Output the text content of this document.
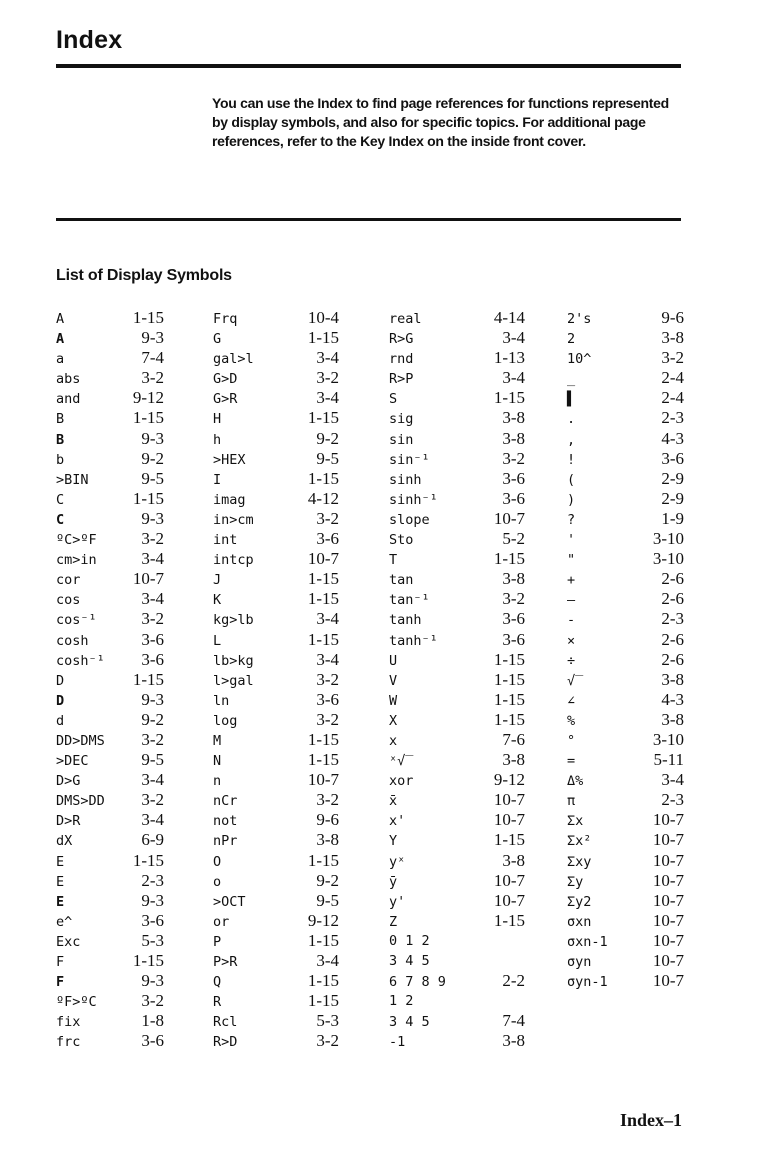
Index
You can use the Index to find page references for functions represented by display symbols, and also for specific topics. For additional page references, refer to the Key Index on the inside front cover.
List of Display Symbols
A	1-15
A	9-3
a	7-4
abs	3-2
and	9-12
B	1-15
B	9-3
b	9-2
>BIN	9-5
C	1-15
C	9-3
ºC>ºF	3-2
cm>in	3-4
cor	10-7
cos	3-4
cos⁻¹	3-2
cosh	3-6
cosh⁻¹	3-6
D	1-15
D	9-3
d	9-2
DD>DMS	3-2
>DEC	9-5
D>G	3-4
DMS>DD	3-2
D>R	3-4
dX	6-9
E	1-15
E	2-3
E	9-3
e^	3-6
Exc	5-3
F	1-15
F	9-3
ºF>ºC	3-2
fix	1-8
frc	3-6
Frq	10-4
G	1-15
gal>l	3-4
G>D	3-2
G>R	3-4
H	1-15
h	9-2
>HEX	9-5
I	1-15
imag	4-12
in>cm	3-2
int	3-6
intcp	10-7
J	1-15
K	1-15
kg>lb	3-4
L	1-15
lb>kg	3-4
l>gal	3-2
ln	3-6
log	3-2
M	1-15
N	1-15
n	10-7
nCr	3-2
not	9-6
nPr	3-8
O	1-15
o	9-2
>OCT	9-5
or	9-12
P	1-15
P>R	3-4
Q	1-15
R	1-15
Rcl	5-3
R>D	3-2
real	4-14
R>G	3-4
rnd	1-13
R>P	3-4
S	1-15
sig	3-8
sin	3-8
sin⁻¹	3-2
sinh	3-6
sinh⁻¹	3-6
slope	10-7
Sto	5-2
T	1-15
tan	3-8
tan⁻¹	3-2
tanh	3-6
tanh⁻¹	3-6
U	1-15
V	1-15
W	1-15
X	1-15
x	7-6
ˣ√‾	3-8
xor	9-12
x̄	10-7
x'	10-7
Y	1-15
yˣ	3-8
ȳ	10-7
y'	10-7
Z	1-15
0 1 2
3 4 5
6 7 8 9	2-2
1 2
3 4 5	7-4
-1	3-8
2's	9-6
2	3-8
10^	3-2
_	2-4
▌	2-4
.	2-3
,	4-3
!	3-6
(	2-9
)	2-9
?	1-9
'	3-10
"	3-10
+	2-6
–	2-6
-	2-3
×	2-6
÷	2-6
√‾	3-8
∠	4-3
%	3-8
°	3-10
=	5-11
Δ%	3-4
π	2-3
Σx	10-7
Σx²	10-7
Σxy	10-7
Σy	10-7
Σy2	10-7
σxn	10-7
σxn-1	10-7
σyn	10-7
σyn-1	10-7
Index–1
